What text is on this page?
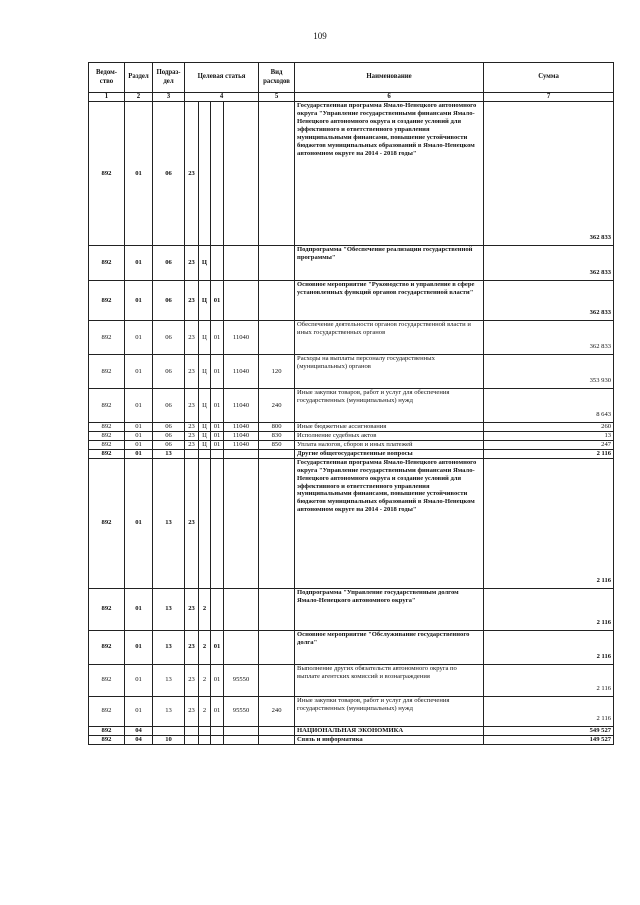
109
Ведом-ство	Раздел	Подраз-дел	Целевая статья				Вид расходов	Наименование	Сумма
1	2	3	4				5	6	7
892	01	06	23					Государственная программа Ямало-Ненецкого автономного округа "Управление государственными финансами Ямало-Ненецкого автономного округа и создание условий для эффективного и ответственного управления муниципальными финансами, повышение устойчивости бюджетов муниципальных образований в Ямало-Ненецком автономном округе на 2014 - 2018 годы"	362 833
892	01	06	23	Ц				Подпрограмма "Обеспечение реализации государственной программы"	362 833
892	01	06	23	Ц	01			Основное мероприятие "Руководство и управление в сфере установленных функций органов государственной власти"	362 833
892	01	06	23	Ц	01	11040		Обеспечение деятельности органов государственной власти и иных государственных органов	362 833
892	01	06	23	Ц	01	11040	120	Расходы на выплаты персоналу государственных (муниципальных) органов	353 930
892	01	06	23	Ц	01	11040	240	Иные закупки товаров, работ и услуг для обеспечения государственных (муниципальных) нужд	8 643
892	01	06	23	Ц	01	11040	800	Иные бюджетные ассигнования	260
892	01	06	23	Ц	01	11040	830	Исполнение судебных актов	13
892	01	06	23	Ц	01	11040	850	Уплата налогов, сборов и иных платежей	247
892	01	13						Другие общегосударственные вопросы	2 116
892	01	13	23					Государственная программа Ямало-Ненецкого автономного округа "Управление государственными финансами Ямало-Ненецкого автономного округа и создание условий для эффективного и ответственного управления муниципальными финансами, повышение устойчивости бюджетов муниципальных образований в Ямало-Ненецком автономном округе на 2014 - 2018 годы"	2 116
892	01	13	23	2				Подпрограмма "Управление государственным долгом Ямало-Ненецкого автономного округа"	2 116
892	01	13	23	2	01			Основное мероприятие "Обслуживание государственного долга"	2 116
892	01	13	23	2	01	95550		Выполнение других обязательств автономного округа по выплате агентских комиссий и вознаграждения	2 116
892	01	13	23	2	01	95550	240	Иные закупки товаров, работ и услуг для обеспечения государственных (муниципальных) нужд	2 116
892	04							НАЦИОНАЛЬНАЯ ЭКОНОМИКА	549 527
892	04	10						Связь и информатика	149 527
